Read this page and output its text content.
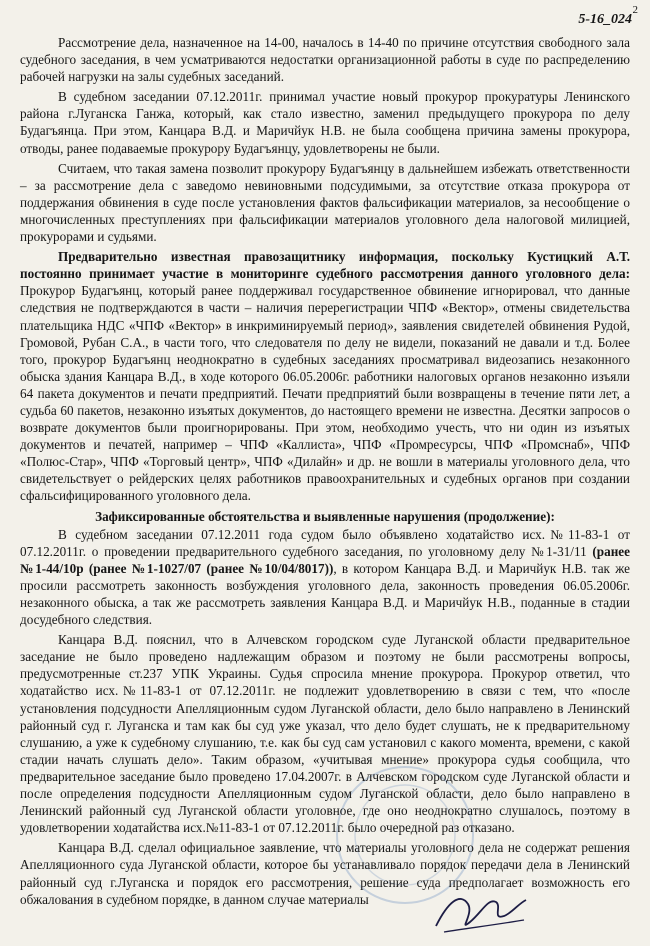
2
5-16_024

Рассмотрение дела, назначенное на 14-00, началось в 14-40 по причине отсутствия свободного зала судебного заседания, в чем усматриваются недостатки организационной работы в суде по распределению рабочей нагрузки на залы судебных заседаний.

В судебном заседании 07.12.2011г. принимал участие новый прокурор прокуратуры Ленинского района г.Луганска Ганжа, который, как стало известно, заменил предыдущего прокурора по делу Будагъянца. При этом, Канцара В.Д. и Маричйук Н.В. не была сообщена причина замены прокурора, отводы, ранее подаваемые прокурору Будагъянцу, удовлетворены не были.

Считаем, что такая замена позволит прокурору Будагъянцу в дальнейшем избежать ответственности – за рассмотрение дела с заведомо невиновными подсудимыми, за отсутствие отказа прокурора от поддержания обвинения в суде после установления фактов фальсификации материалов, за несообщение о многочисленных преступлениях при фальсификации материалов уголовного дела налоговой милицией, прокурорами и судьями.

Предварительно известная правозащитнику информация, поскольку Кустицкий А.Т. постоянно принимает участие в мониторинге судебного рассмотрения данного уголовного дела: Прокурор Будагъянц, который ранее поддерживал государственное обвинение игнорировал, что данные следствия не подтверждаются в части – наличия перерегистрации ЧПФ «Вектор», отмены свидетельства плательщика НДС «ЧПФ «Вектор» в инкриминируемый период», заявления свидетелей обвинения Рудой, Громовой, Рубан С.А., в части того, что следователя по делу не видели, показаний не давали и т.д. Более того, прокурор Будагъянц неоднократно в судебных заседаниях просматривал видеозапись незаконного обыска здания Канцара В.Д., в ходе которого 06.05.2006г. работники налоговых органов незаконно изъяли 64 пакета документов и печати предприятий. Печати предприятий были возвращены в течение пяти лет, а судьба 60 пакетов, незаконно изъятых документов, до настоящего времени не известна. Десятки запросов о возврате документов были проигнорированы. При этом, необходимо учесть, что ни один из изъятых документов и печатей, например – ЧПФ «Каллиста», ЧПФ «Промресурсы, ЧПФ «Промснаб», ЧПФ «Полюс-Стар», ЧПФ «Торговый центр», ЧПФ «Дилайн» и др. не вошли в материалы уголовного дела, что свидетельствует о рейдерских целях работников правоохранительных и судебных органов при создании сфальсифицированного уголовного дела.

Зафиксированные обстоятельства и выявленные нарушения (продолжение):

В судебном заседании 07.12.2011 года судом было объявлено ходатайство исх.№11-83-1 от 07.12.2011г. о проведении предварительного судебного заседания, по уголовному делу №1-31/11 (ранее №1-44/10р (ранее №1-1027/07 (ранее №10/04/8017)), в котором Канцара В.Д. и Маричйук Н.В. так же просили рассмотреть законность возбуждения уголовного дела, законность проведения 06.05.2006г. незаконного обыска, а так же рассмотреть заявления Канцара В.Д. и Маричйук Н.В., поданные в стадии досудебного следствия.

Канцара В.Д. пояснил, что в Алчевском городском суде Луганской области предварительное заседание не было проведено надлежащим образом и поэтому не были рассмотрены вопросы, предусмотренные ст.237 УПК Украины. Судья спросила мнение прокурора. Прокурор ответил, что ходатайство исх.№11-83-1 от 07.12.2011г. не подлежит удовлетворению в связи с тем, что «после установления подсудности Апелляционным судом Луганской области, дело было направлено в Ленинский районный суд г. Луганска и там как бы суд уже указал, что дело будет слушать, не к предварительному слушанию, а уже к судебному слушанию, т.е. как бы суд сам установил с какого момента, времени, с какой стадии начать слушать дело». Таким образом, «учитывая мнение» прокурора судья сообщила, что предварительное заседание было проведено 17.04.2007г. в Алчевском городском суде Луганской области и после определения подсудности Апелляционным судом Луганской области, дело было направлено в Ленинский районный суд Луганской области уголовное, где оно неоднократно слушалось, поэтому в удовлетворении ходатайства исх.№11-83-1 от 07.12.2011г. было очередной раз отказано.

Канцара В.Д. сделал официальное заявление, что материалы уголовного дела не содержат решения Апелляционного суда Луганской области, которое бы устанавливало порядок передачи дела в Ленинский районный суд г.Луганска и порядок его рассмотрения, решение суда предполагает возможность его обжалования в судебном порядке, в данном случае материалы
